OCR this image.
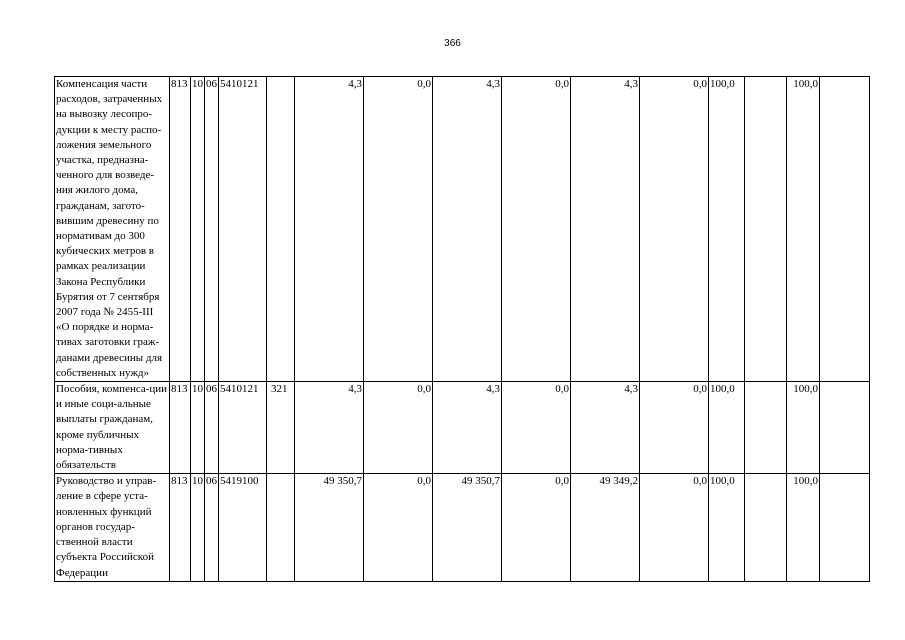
366
Компенсация части расходов, затраченных на вывозку лесопро-дукции к месту распо-ложения земельного участка, предназна-ченного для возведе-ния жилого дома, гражданам, загото-вившим древесину по нормативам до 300 кубических метров в рамках реализации Закона Республики Бурятия от 7 сентября 2007 года № 2455-III «О порядке и норма-тивах заготовки граж-данами древесины для собственных нужд»	813	10	06	5410121		4,3	0,0	4,3	0,0	4,3	0,0	100,0		100,0	
Пособия, компенса-ции и иные соци-альные выплаты гражданам, кроме публичных норма-тивных обязательств	813	10	06	5410121	321	4,3	0,0	4,3	0,0	4,3	0,0	100,0		100,0	
Руководство и управ-ление в сфере уста-новленных функций органов государ-ственной власти субъекта Российской Федерации	813	10	06	5419100		49 350,7	0,0	49 350,7	0,0	49 349,2	0,0	100,0		100,0	
